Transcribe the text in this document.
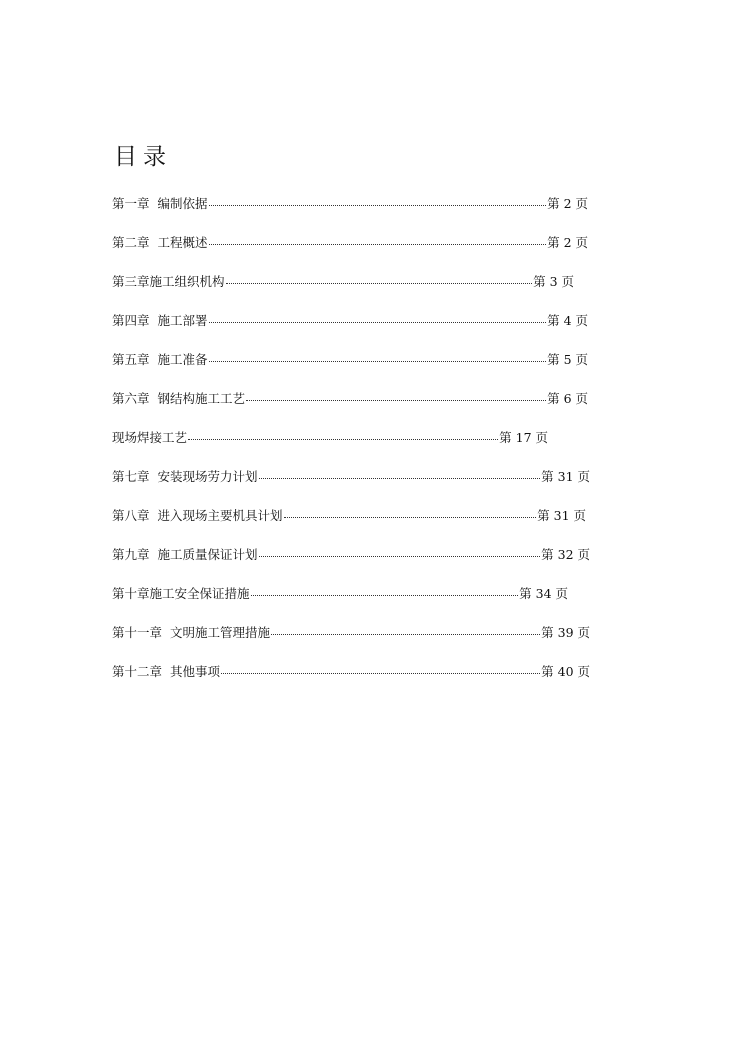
目录
第一章 编制依据	第 2 页
第二章 工程概述	第 2 页
第三章 施工组织机构	第 3 页
第四章 施工部署	第 4 页
第五章 施工准备	第 5 页
第六章 钢结构施工工艺	第 6 页
现场焊接工艺	第 17 页
第七章 安装现场劳力计划	第 31 页
第八章 进入现场主要机具计划	第 31 页
第九章 施工质量保证计划	第 32 页
第十章 施工安全保证措施	第 34 页
第十一章 文明施工管理措施	第 39 页
第十二章 其他事项	第 40 页
